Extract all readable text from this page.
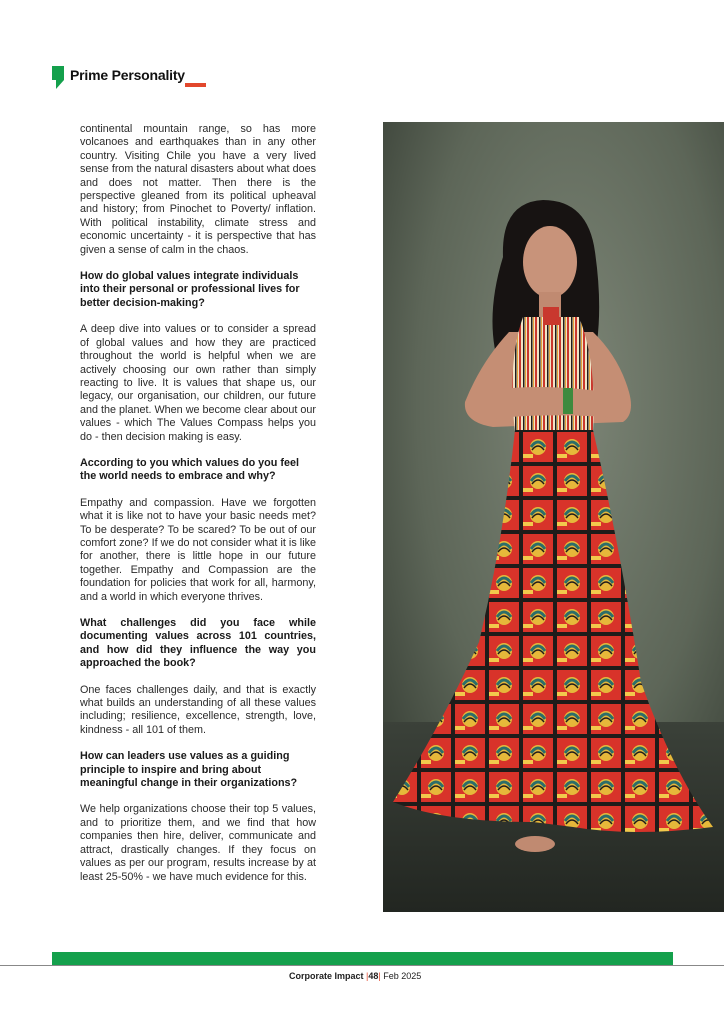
Prime Personality

continental mountain range, so has more volcanoes and earthquakes than in any other country. Visiting Chile you have a very lived sense from the natural disasters about what does and does not matter. Then there is the perspective gleaned from its political upheaval and history; from Pinochet to Poverty/ inflation. With political instability, climate stress and economic uncertainty - it is perspective that has given a sense of calm in the chaos.

How do global values integrate individuals into their personal or professional lives for better decision-making?

A deep dive into values or to consider a spread of global values and how they are practiced throughout the world is helpful when we are actively choosing our own rather than simply reacting to live. It is values that shape us, our legacy, our organisation, our children, our future and the planet. When we become clear about our values - which The Values Compass helps you do - then decision making is easy.

According to you which values do you feel the world needs to embrace and why?

Empathy and compassion. Have we forgotten what it is like not to have your basic needs met? To be desperate? To be scared? To be out of our comfort zone? If we do not consider what it is like for another, there is little hope in our future together. Empathy and Compassion are the foundation for policies that work for all, harmony, and a world in which everyone thrives.

What challenges did you face while documenting values across 101 countries, and how did they influence the way you approached the book?

One faces challenges daily, and that is exactly what builds an understanding of all these values including; resilience, excellence, strength, love, kindness - all 101 of them.

How can leaders use values as a guiding principle to inspire and bring about meaningful change in their organizations?

We help organizations choose their top 5 values, and to prioritize them, and we find that how companies then hire, deliver, communicate and attract, drastically changes. If they focus on values as per our program, results increase by at least 25-50% - we have much evidence for this.

Corporate Impact |48| Feb 2025
